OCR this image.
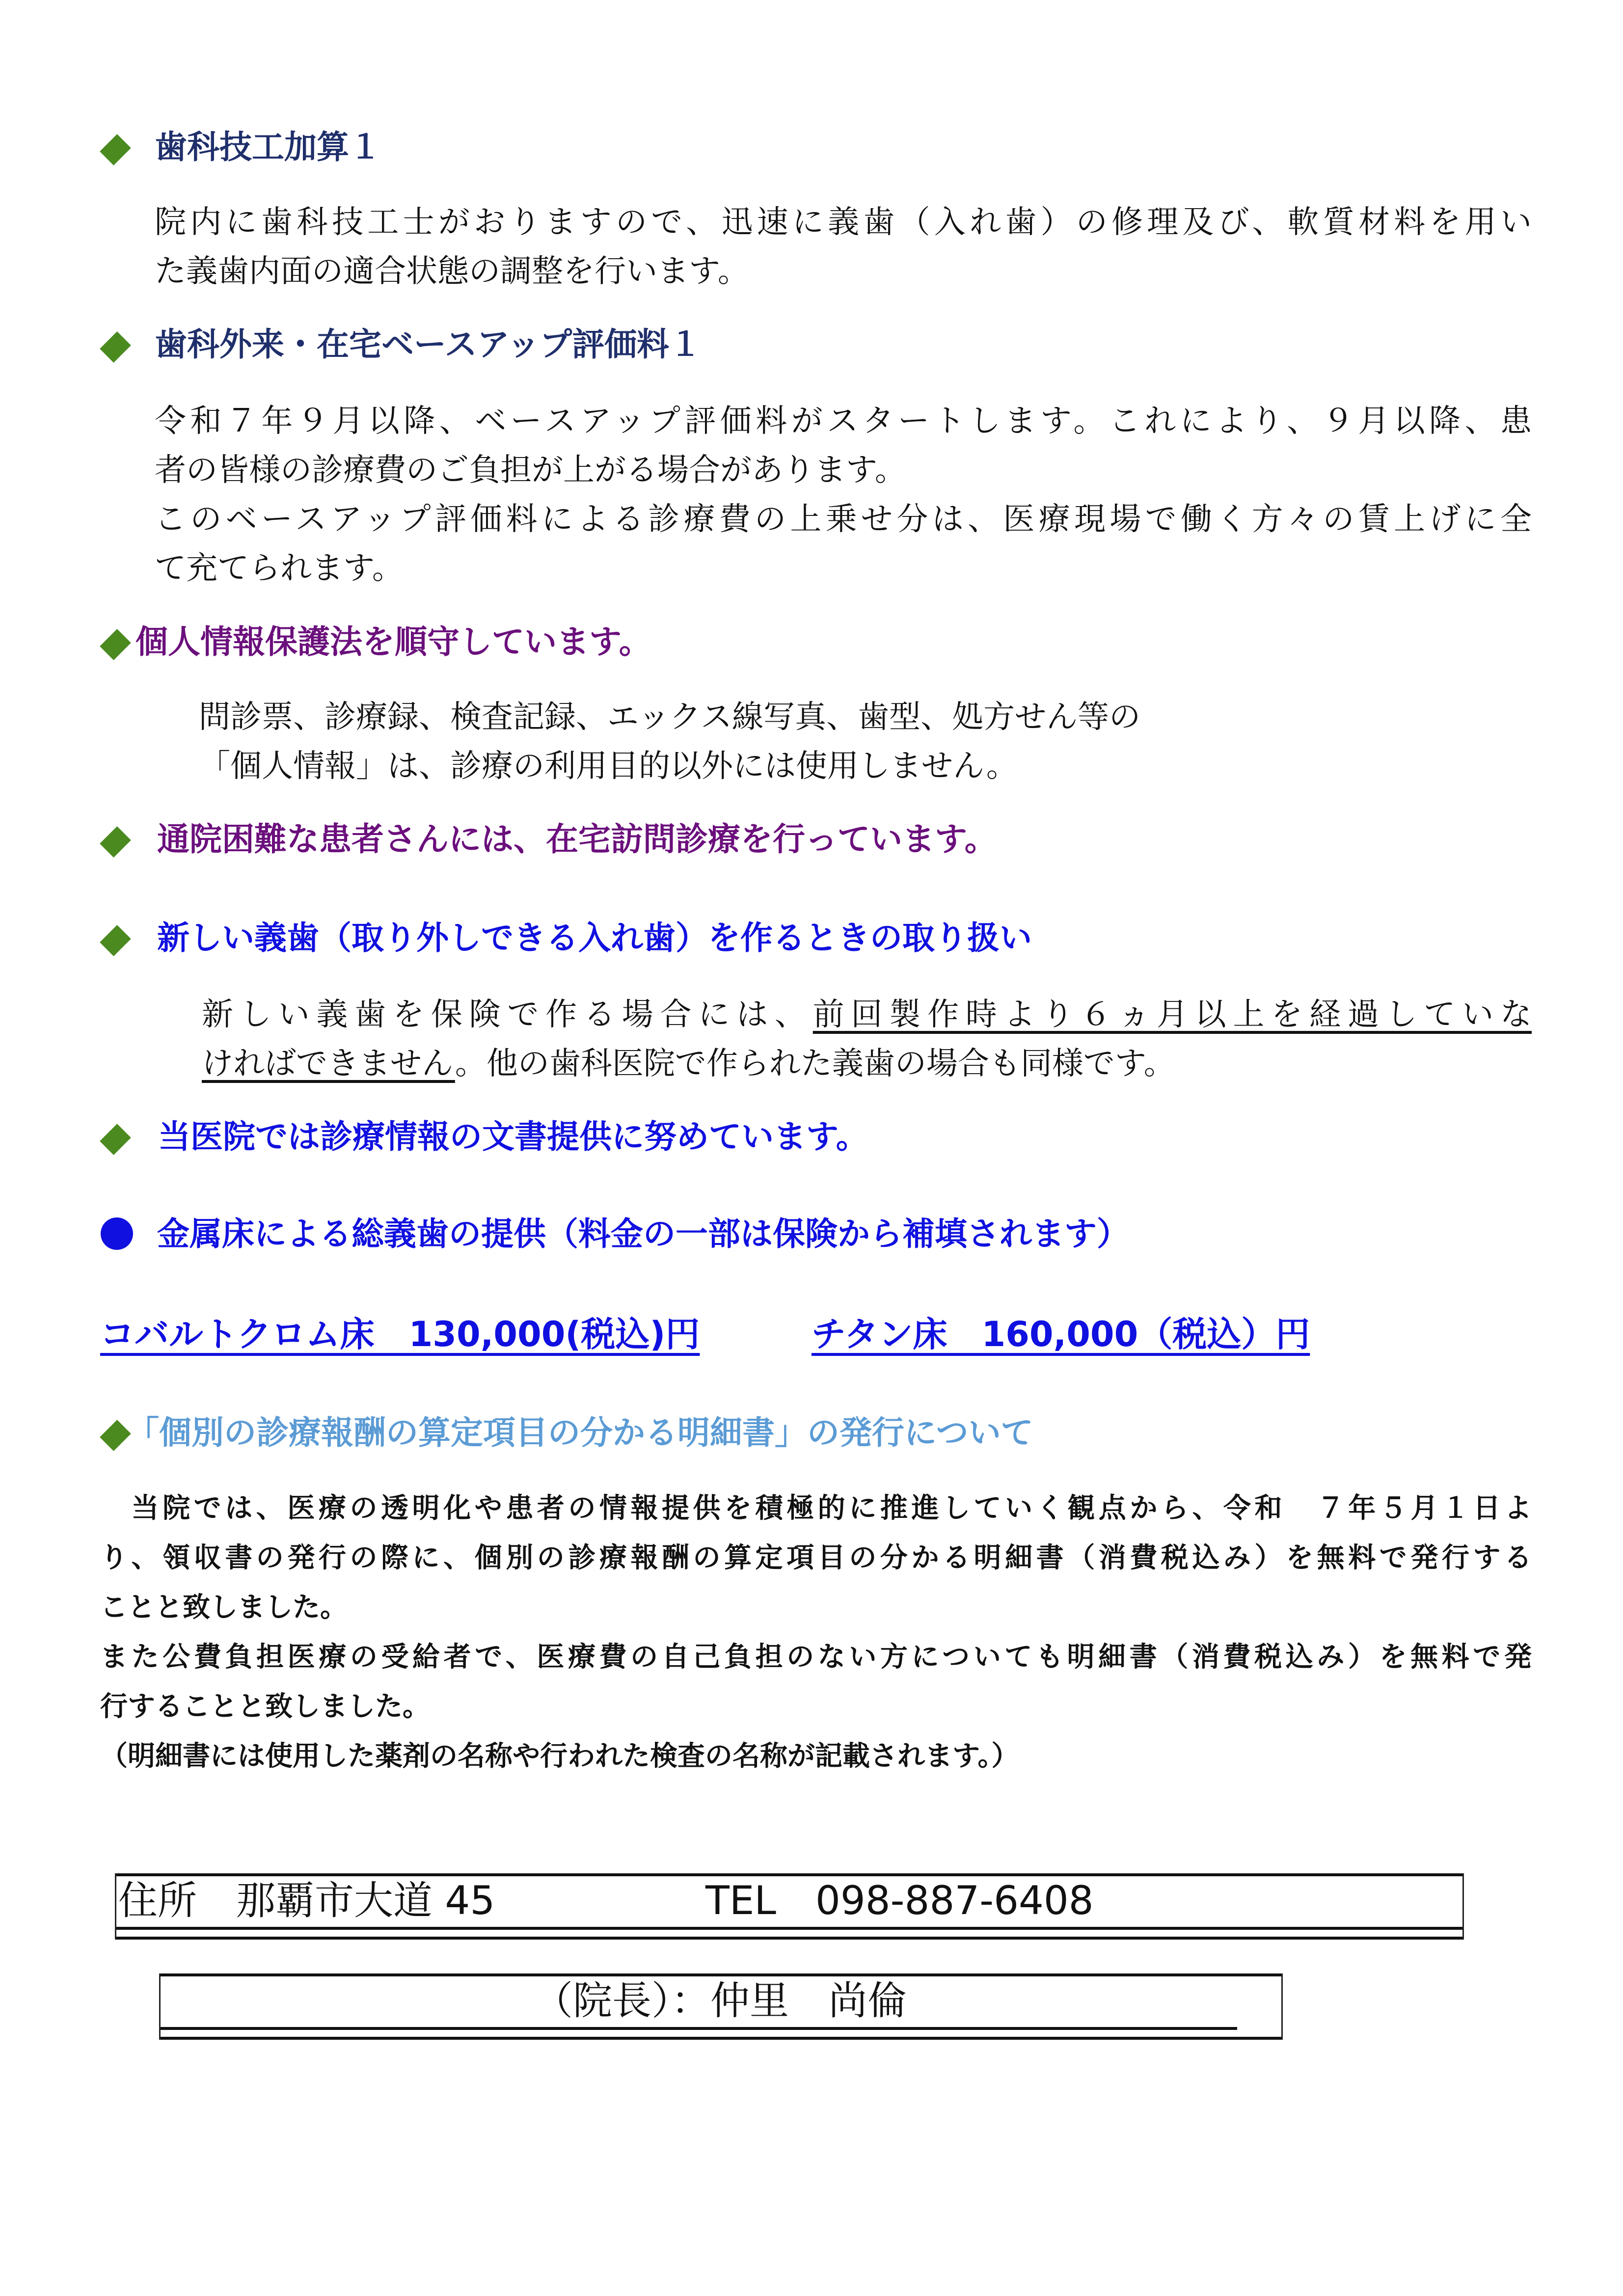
歯科技工加算１
院内に歯科技工士がおりますので、迅速に義歯（入れ歯）の修理及び、軟質材料を用い
た義歯内面の適合状態の調整を行います。
歯科外来・在宅ベースアップ評価料１
令和７年９月以降、ベースアップ評価料がスタートします。これにより、９月以降、患
者の皆様の診療費のご負担が上がる場合があります。
このベースアップ評価料による診療費の上乗せ分は、医療現場で働く方々の賃上げに全
て充てられます。
個人情報保護法を順守しています。
問診票、診療録、検査記録、エックス線写真、歯型、処方せん等の
「個人情報」は、診療の利用目的以外には使用しません。
通院困難な患者さんには、在宅訪問診療を行っています。
新しい義歯（取り外しできる入れ歯）を作るときの取り扱い
新しい義歯を保険で作る場合には、前回製作時より６ヵ月以上を経過していな
ければできません。他の歯科医院で作られた義歯の場合も同様です。
当医院では診療情報の文書提供に努めています。
金属床による総義歯の提供（料金の一部は保険から補填されます）
コバルトクロム床　130,000(税込)円	チタン床　160,000（税込）円
「個別の診療報酬の算定項目の分かる明細書」の発行について
　当院では、医療の透明化や患者の情報提供を積極的に推進していく観点から、令和　７年５月１日よ
り、領収書の発行の際に、個別の診療報酬の算定項目の分かる明細書（消費税込み）を無料で発行する
ことと致しました。
また公費負担医療の受給者で、医療費の自己負担のない方についても明細書（消費税込み）を無料で発
行することと致しました。
（明細書には使用した薬剤の名称や行われた検査の名称が記載されます。）
住所　那覇市大道 45	TEL　098-887-6408
（院長）：仲里　尚倫
